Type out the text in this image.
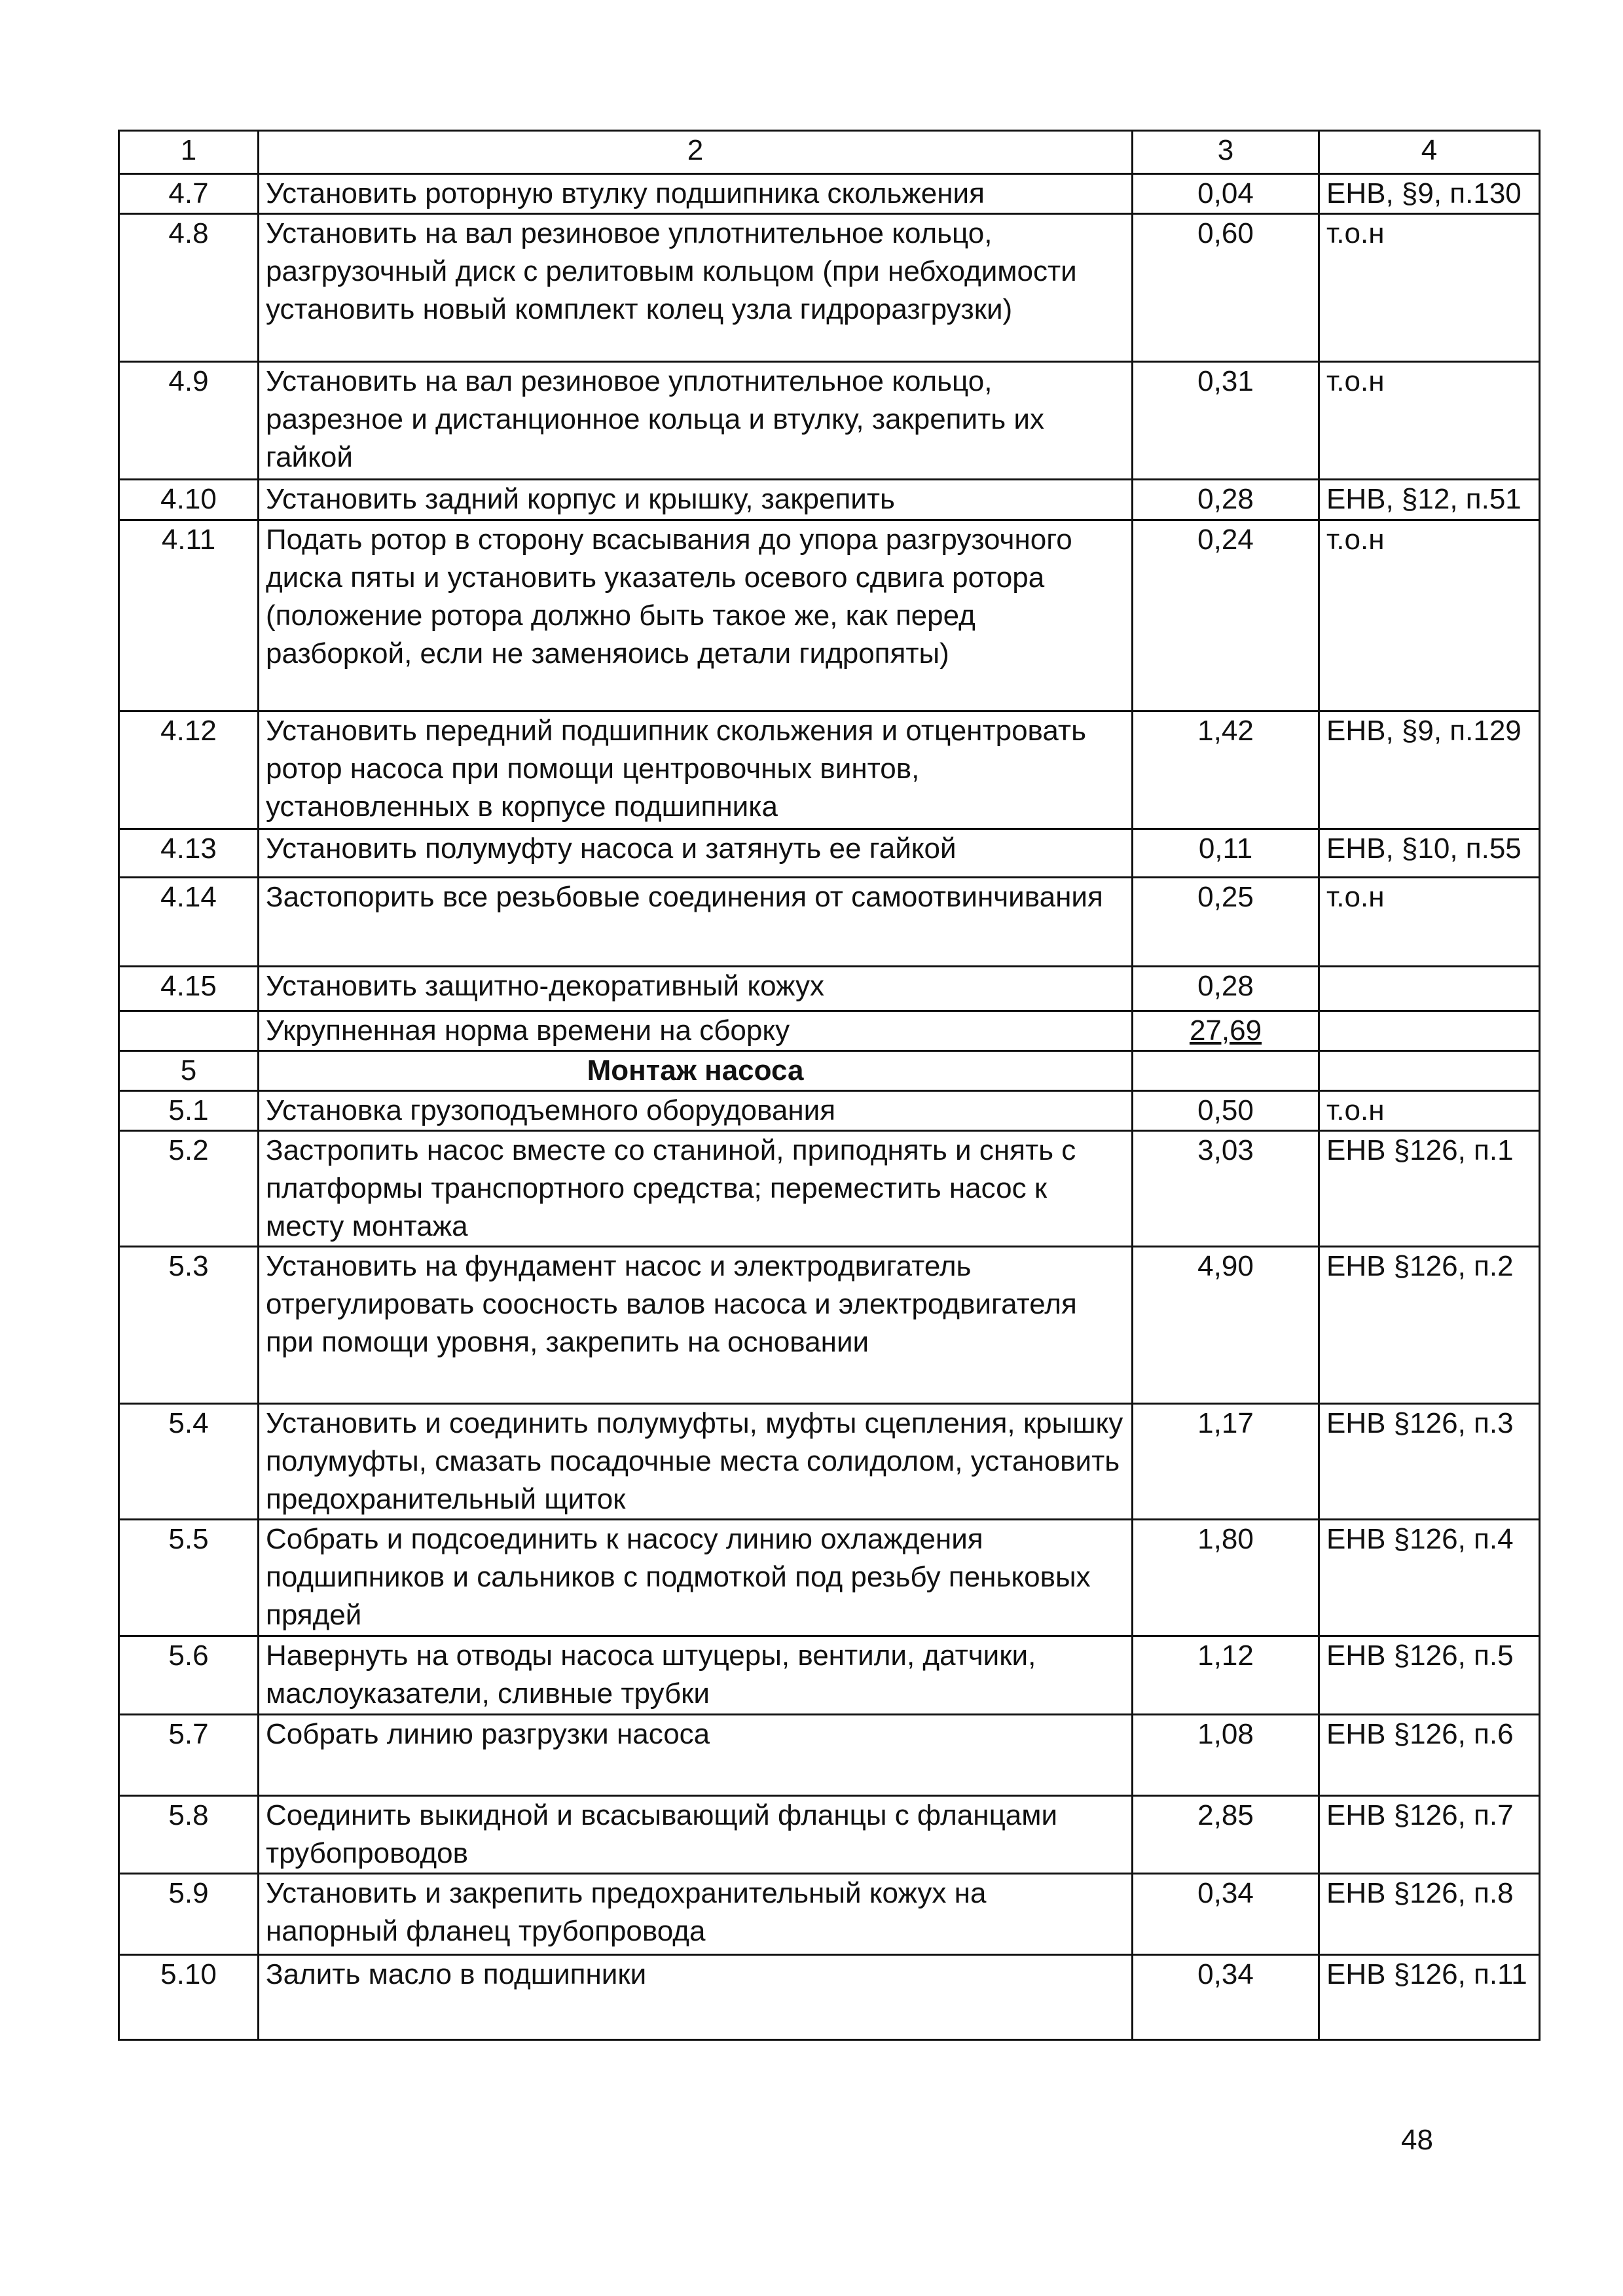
1	2	3	4
4.7	Установить роторную втулку подшипника скольжения	0,04	ЕНВ, §9, п.130
4.8	Установить на вал резиновое уплотнительное кольцо, разгрузочный диск с релитовым кольцом (при небходимости установить новый комплект колец узла гидроразгрузки)	0,60	т.о.н
4.9	Установить на вал резиновое уплотнительное кольцо, разрезное и дистанционное кольца и втулку, закрепить их гайкой	0,31	т.о.н
4.10	Установить задний корпус и крышку, закрепить	0,28	ЕНВ, §12, п.51
4.11	Подать ротор в сторону всасывания до упора разгрузочного диска пяты и установить указатель осевого сдвига ротора (положение ротора должно быть такое же, как перед разборкой, если не заменяоись детали гидропяты)	0,24	т.о.н
4.12	Установить передний подшипник скольжения и отцентровать ротор насоса при помощи центровочных винтов, установленных в корпусе подшипника	1,42	ЕНВ, §9, п.129
4.13	Установить полумуфту насоса и затянуть ее гайкой	0,11	ЕНВ, §10, п.55
4.14	Застопорить все резьбовые соединения от самоотвинчивания	0,25	т.о.н
4.15	Установить защитно-декоративный кожух	0,28	
	Укрупненная норма времени на сборку	27,69	
5	Монтаж насоса		
5.1	Установка грузоподъемного оборудования	0,50	т.о.н
5.2	Застропить насос вместе со станиной, приподнять и снять с платформы транспортного средства; переместить насос к месту монтажа	3,03	ЕНВ §126, п.1
5.3	Установить на фундамент насос и электродвигатель отрегулировать соосность валов насоса и электродвигателя при помощи уровня, закрепить на основании	4,90	ЕНВ §126, п.2
5.4	Установить и соединить полумуфты, муфты сцепления, крышку полумуфты, смазать посадочные места солидолом, установить предохранительный щиток	1,17	ЕНВ §126, п.3
5.5	Собрать и подсоединить к насосу линию охлаждения подшипников и сальников с подмоткой под резьбу пеньковых прядей	1,80	ЕНВ §126, п.4
5.6	Навернуть на отводы насоса штуцеры, вентили, датчики, маслоуказатели, сливные трубки	1,12	ЕНВ §126, п.5
5.7	Собрать линию разгрузки насоса	1,08	ЕНВ §126, п.6
5.8	Соединить выкидной и всасывающий фланцы с фланцами трубопроводов	2,85	ЕНВ §126, п.7
5.9	Установить и закрепить предохранительный кожух на напорный фланец трубопровода	0,34	ЕНВ §126, п.8
5.10	Залить масло в подшипники	0,34	ЕНВ §126, п.11
48
